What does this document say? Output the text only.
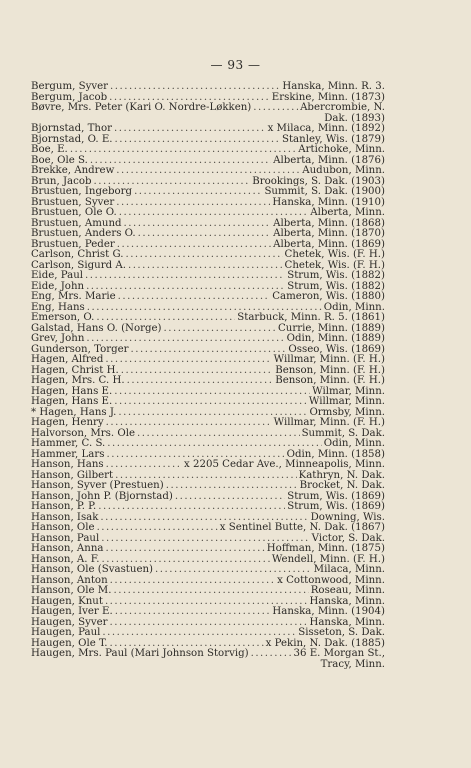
— 93 —
Bergum, Syver .....	Hanska, Minn. R. 3.
Bergum, Jacob .....	Erskine, Minn. (1873)
Bøvre, Mrs. Peter (Kari O. Nordre-Løkken) .....	Abercrombie, N.
Dak. (1893)
Bjornstad, Thor .....	x Milaca, Minn. (1892)
Bjornstad, O. E. .....	Stanley, Wis. (1879)
Boe, E. .....	Artichoke, Minn.
Boe, Ole S. .....	Alberta, Minn. (1876)
Brekke, Andrew .....	Audubon, Minn.
Brun, Jacob .....	Brookings, S. Dak. (1903)
Brustuen, Ingeborg .....	Summit, S. Dak. (1900)
Brustuen, Syver .....	Hanska, Minn. (1910)
Brustuen, Ole O. .....	Alberta, Minn.
Brustuen, Amund .....	Alberta, Minn. (1868)
Brustuen, Anders O. .....	Alberta, Minn. (1870)
Brustuen, Peder .....	Alberta, Minn. (1869)
Carlson, Christ G. .....	Chetek, Wis. (F. H.)
Carlson, Sigurd A. .....	Chetek, Wis. (F. H.)
Eide, Paul .....	Strum, Wis. (1882)
Eide, John .....	Strum, Wis. (1882)
Eng, Mrs. Marie .....	Cameron, Wis. (1880)
Eng, Hans .....	Odin, Minn.
Emerson, O. .....	Starbuck, Minn. R. 5. (1861)
Galstad, Hans O. (Norge) .....	Currie, Minn. (1889)
Grev, John .....	Odin, Minn. (1889)
Gunderson, Torger .....	Osseo, Wis. (1869)
Hagen, Alfred .....	Willmar, Minn. (F. H.)
Hagen, Christ H. .....	Benson, Minn. (F. H.)
Hagen, Mrs. C. H. .....	Benson, Minn. (F. H.)
Hagen, Hans E. .....	Wilmar, Minn.
Hagen, Hans E. .....	Willmar, Minn.
* Hagen, Hans J. .....	Ormsby, Minn.
Hagen, Henry .....	Willmar, Minn. (F. H.)
Halvorson, Mrs. Ole .....	Summit, S. Dak.
Hammer, C. S. .....	Odin, Minn.
Hammer, Lars .....	Odin, Minn. (1858)
Hanson, Hans .....	x 2205 Cedar Ave., Minneapolis, Minn.
Hanson, Gilbert .....	Kathryn, N. Dak.
Hanson, Syver (Prestuen) .....	Brocket, N. Dak.
Hanson, John P. (Bjornstad) .....	Strum, Wis. (1869)
Hanson, P. P. .....	Strum, Wis. (1869)
Hanson, Isak .....	Downing, Wis.
Hanson, Ole .....	x Sentinel Butte, N. Dak. (1867)
Hanson, Paul .....	Victor, S. Dak.
Hanson, Anna .....	Hoffman, Minn. (1875)
Hanson, A. F. .....	Wendell, Minn. (F. H.)
Hanson, Ole (Svastuen) .....	Milaca, Minn.
Hanson, Anton .....	x Cottonwood, Minn.
Hanson, Ole M. .....	Roseau, Minn.
Haugen, Knut .....	Hanska, Minn.
Haugen, Iver E. .....	Hanska, Minn. (1904)
Haugen, Syver .....	Hanska, Minn.
Haugen, Paul .....	Sisseton, S. Dak.
Haugen, Ole T. .....	x Pekin, N. Dak. (1885)
Haugen, Mrs. Paul (Mari Johnson Storvig) .....	36 E. Morgan St.,
Tracy, Minn.
